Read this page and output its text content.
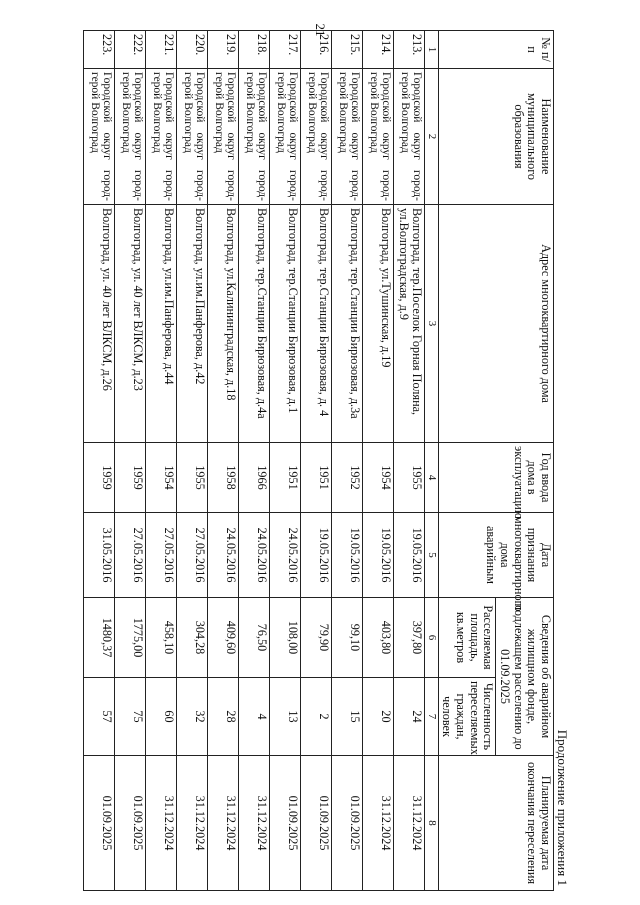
21
Продолжение приложения 1
№ п/п	Наименование муниципального образования	Адрес многоквартирного дома	Год ввода дома в эксплуатацию	Дата признания многоквартирного дома аварийным	Сведения об аварийном жилищном фонде, подлежащем расселению до 01.09.2025		Планируемая дата окончания переселения
					Расселяемая площадь, кв.метров	Численность переселяемых граждан, человек	
1	2	3	4	5	6	7	8
213.	Городской округ город-герой Волгоград	Волгоград, тер.Поселок Горная Поляна, ул.Волгоградская, д.9	1955	19.05.2016	397,80	24	31.12.2024
214.	Городской округ город-герой Волгоград	Волгоград, ул.Тушинская, д.19	1954	19.05.2016	403,80	20	31.12.2024
215.	Городской округ город-герой Волгоград	Волгоград, тер.Станции Бирюзовая, д.3а	1952	19.05.2016	99,10	15	01.09.2025
216.	Городской округ город-герой Волгоград	Волгоград, тер.Станции Бирюзовая, д. 4	1951	19.05.2016	79,90	2	01.09.2025
217.	Городской округ город-герой Волгоград	Волгоград, тер.Станции Бирюзовая, д.1	1951	24.05.2016	108,00	13	01.09.2025
218.	Городской округ город-герой Волгоград	Волгоград, тер.Станции Бирюзовая, д.4а	1966	24.05.2016	76,50	4	31.12.2024
219.	Городской округ город-герой Волгоград	Волгоград, ул.Калининградская, д.18	1958	24.05.2016	409,60	28	31.12.2024
220.	Городской округ город-герой Волгоград	Волгоград, ул.им.Панферова, д.42	1955	27.05.2016	304,28	32	31.12.2024
221.	Городской округ город-герой Волгоград	Волгоград, ул.им.Панферова, д.44	1954	27.05.2016	458,10	60	31.12.2024
222.	Городской округ город-герой Волгоград	Волгоград, ул. 40 лет ВЛКСМ, д.23	1959	27.05.2016	1775,00	75	01.09.2025
223.	Городской округ город-герой Волгоград	Волгоград, ул. 40 лет ВЛКСМ, д.26	1959	31.05.2016	1480,37	57	01.09.2025
